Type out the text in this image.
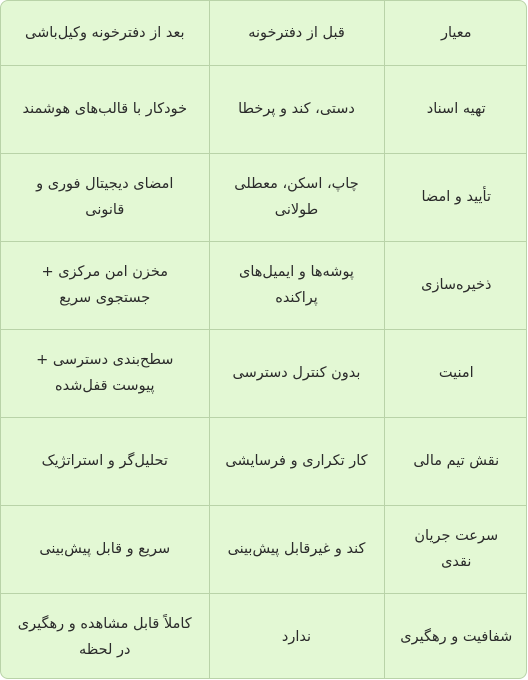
معیار	قبل از دفترخونه	بعد از دفترخونه وکیل‌باشی
تهیه اسناد	دستی، کند و پرخطا	خودکار با قالب‌های هوشمند
تأیید و امضا	چاپ، اسکن، معطلی طولانی	امضای دیجیتال فوری و قانونی
ذخیره‌سازی	پوشه‌ها و ایمیل‌های پراکنده	مخزن امن مرکزی + جستجوی سریع
امنیت	بدون کنترل دسترسی	سطح‌بندی دسترسی + پیوست قفل‌شده
نقش تیم مالی	کار تکراری و فرسایشی	تحلیل‌گر و استراتژیک
سرعت جریان نقدی	کند و غیرقابل پیش‌بینی	سریع و قابل پیش‌بینی
شفافیت و رهگیری	ندارد	کاملاً قابل مشاهده و رهگیری در لحظه
